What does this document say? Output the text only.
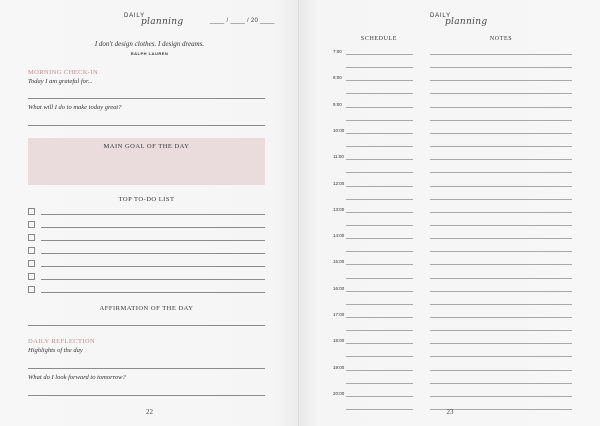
DAILY
planning	____ / ____ / 20 ____
I don't design clothes. I design dreams.
RALPH LAUREN
MORNING CHECK-IN
Today I am grateful for...
What will I do to make today great?
MAIN GOAL OF THE DAY
TOP TO-DO LIST
AFFIRMATION OF THE DAY
DAILY REFLECTION
Highlights of the day
What do I look forward to tomorrow?
22
DAILY
planning
SCHEDULE	NOTES
7:00
8:00
9:00
10:00
11:00
12:00
13:00
14:00
15:00
16:00
17:00
18:00
19:00
20:00
23
